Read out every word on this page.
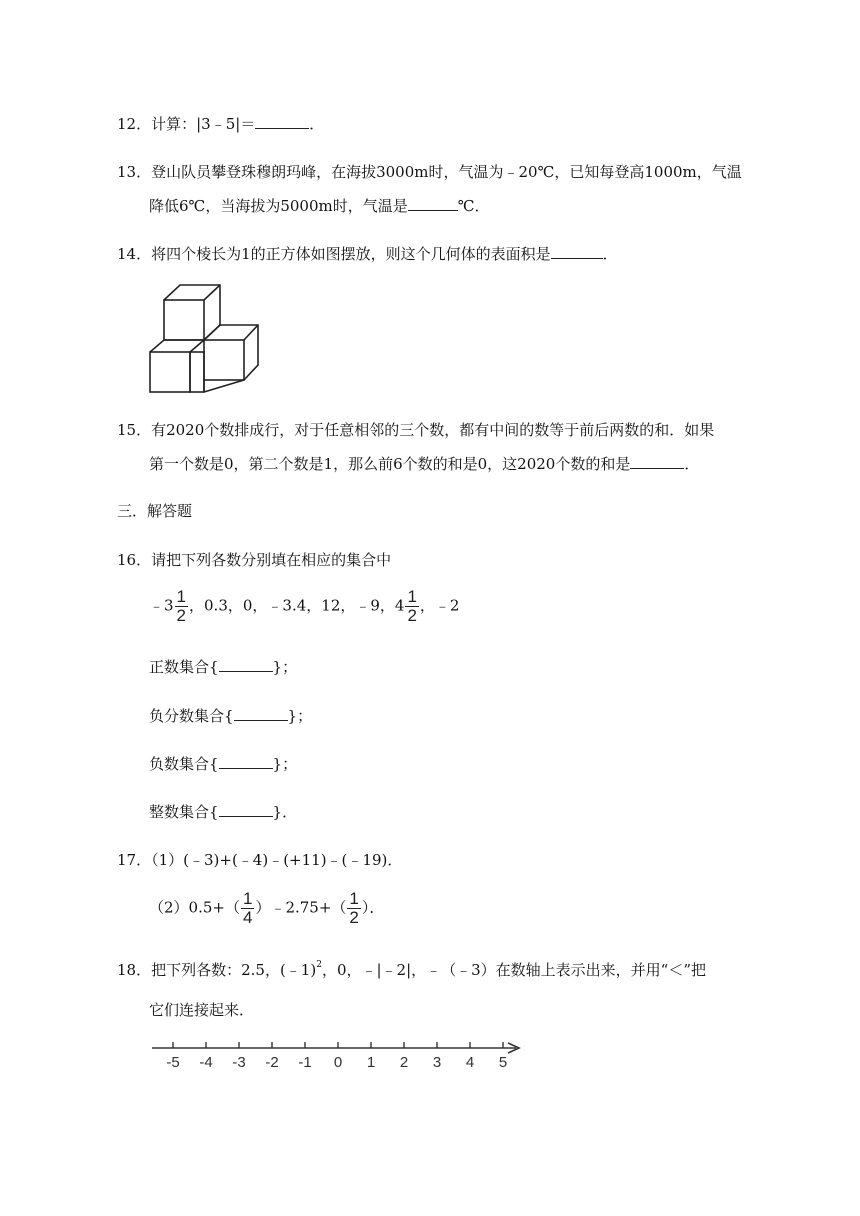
12．计算：|3﹣5|＝	．
13．登山队员攀登珠穆朗玛峰，在海拔3000m时，气温为﹣20℃，已知每登高1000m，气温
降低6℃，当海拔为5000m时，气温是	℃．
14．将四个棱长为1的正方体如图摆放，则这个几何体的表面积是	．
15．有2020个数排成行，对于任意相邻的三个数，都有中间的数等于前后两数的和．如果
第一个数是0，第二个数是1，那么前6个数的和是0，这2020个数的和是	．
三．解答题
16．请把下列各数分别填在相应的集合中
﹣3 $\frac{1}{2}$ ，0.3，0，﹣3.4，12，﹣9，$4 \frac{1}{2}$ ，﹣2
正数集合{	}；
负分数集合{	}；
负数集合{	}；
整数集合{	}．
17．（1）(﹣3)+(﹣4)﹣(+11)﹣(﹣19)．
$(2)0.5+( \frac{1}{4}$ ）﹣2.75+（ $\frac{1}{2}$ ）．
18．把下列各数：2.5，(﹣1)$^2$，0，﹣|﹣2|，﹣（﹣3）在数轴上表示出来，并用“＜”把
它们连接起来．
-5 -4 -3 -2 -1 0 1 2 3 4 5
